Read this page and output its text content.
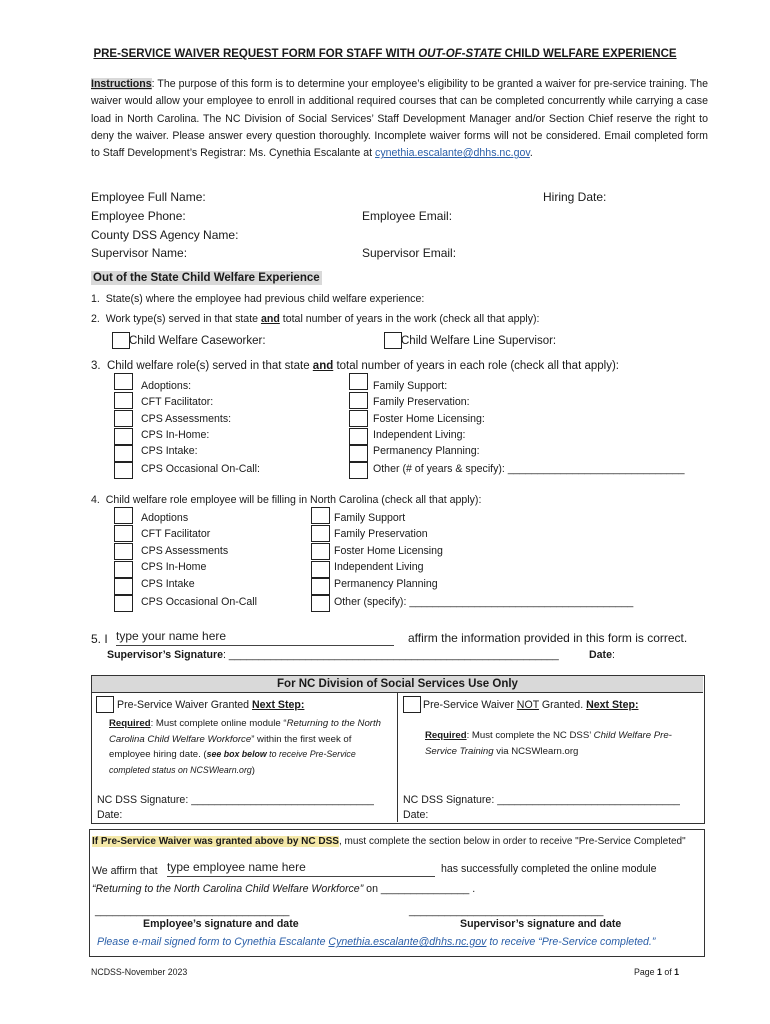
PRE-SERVICE WAIVER REQUEST FORM FOR STAFF WITH OUT-OF-STATE CHILD WELFARE EXPERIENCE
Instructions: The purpose of this form is to determine your employee’s eligibility to be granted a waiver for pre-service training. The waiver would allow your employee to enroll in additional required courses that can be completed concurrently while carrying a case load in North Carolina. The NC Division of Social Services’ Staff Development Manager and/or Section Chief reserve the right to deny the waiver. Please answer every question thoroughly. Incomplete waiver forms will not be considered. Email completed form to Staff Development’s Registrar: Ms. Cynethia Escalante at cynethia.escalante@dhhs.nc.gov.
Employee Full Name:	Hiring Date:
Employee Phone:	Employee Email:
County DSS Agency Name:
Supervisor Name:	Supervisor Email:
Out of the State Child Welfare Experience
1. State(s) where the employee had previous child welfare experience:
2. Work type(s) served in that state and total number of years in the work (check all that apply):
Child Welfare Caseworker:	Child Welfare Line Supervisor:
3. Child welfare role(s) served in that state and total number of years in each role (check all that apply):
Adoptions:
CFT Facilitator:
CPS Assessments:
CPS In-Home:
CPS Intake:
CPS Occasional On-Call:
Family Support:
Family Preservation:
Foster Home Licensing:
Independent Living:
Permanency Planning:
Other (# of years & specify): ______________________________
4. Child welfare role employee will be filling in North Carolina (check all that apply):
Adoptions
CFT Facilitator
CPS Assessments
CPS In-Home
CPS Intake
CPS Occasional On-Call
Family Support
Family Preservation
Foster Home Licensing
Independent Living
Permanency Planning
Other (specify): ______________________________________
5. I type your name here	affirm the information provided in this form is correct.
Supervisor’s Signature: ________________________________________________________	Date:
For NC Division of Social Services Use Only
Pre-Service Waiver Granted Next Step:
Required: Must complete online module “Returning to the North Carolina Child Welfare Workforce” within the first week of employee hiring date. (see box below to receive Pre-Service completed status on NCSWlearn.org)
NC DSS Signature: _______________________________
Date:
Pre-Service Waiver NOT Granted. Next Step:
Required: Must complete the NC DSS’ Child Welfare Pre-Service Training via NCSWlearn.org
NC DSS Signature: _______________________________
Date:
If Pre-Service Waiver was granted above by NC DSS, must complete the section below in order to receive "Pre-Service Completed"
We affirm that type employee name here	has successfully completed the online module
“Returning to the North Carolina Child Welfare Workforce” on _______________ .
_________________________________
Employee’s signature and date
_________________________________
Supervisor’s signature and date
Please e-mail signed form to Cynethia Escalante Cynethia.escalante@dhhs.nc.gov to receive “Pre-Service completed.”
NCDSS-November 2023	Page 1 of 1
